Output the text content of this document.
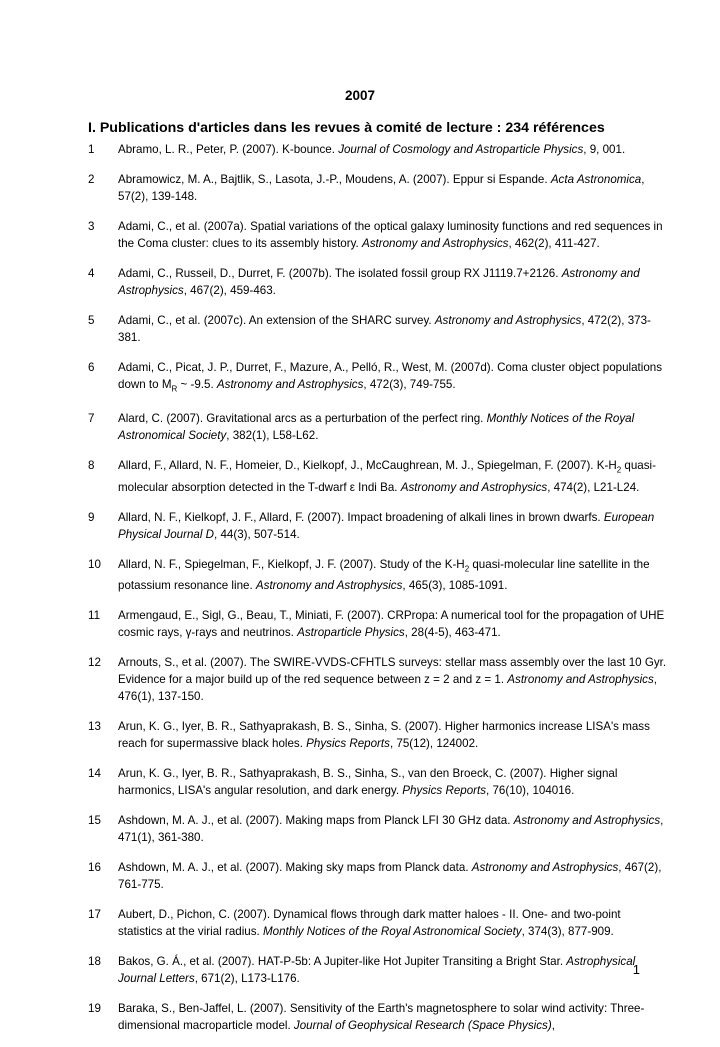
2007
I. Publications d'articles dans les revues à comité de lecture : 234 références
1 Abramo, L. R., Peter, P. (2007). K-bounce. Journal of Cosmology and Astroparticle Physics, 9, 001.
2 Abramowicz, M. A., Bajtlik, S., Lasota, J.-P., Moudens, A. (2007). Eppur si Espande. Acta Astronomica, 57(2), 139-148.
3 Adami, C., et al. (2007a). Spatial variations of the optical galaxy luminosity functions and red sequences in the Coma cluster: clues to its assembly history. Astronomy and Astrophysics, 462(2), 411-427.
4 Adami, C., Russeil, D., Durret, F. (2007b). The isolated fossil group RX J1119.7+2126. Astronomy and Astrophysics, 467(2), 459-463.
5 Adami, C., et al. (2007c). An extension of the SHARC survey. Astronomy and Astrophysics, 472(2), 373-381.
6 Adami, C., Picat, J. P., Durret, F., Mazure, A., Pelló, R., West, M. (2007d). Coma cluster object populations down to $M_R$ ~ -9.5. Astronomy and Astrophysics, 472(3), 749-755.
7 Alard, C. (2007). Gravitational arcs as a perturbation of the perfect ring. Monthly Notices of the Royal Astronomical Society, 382(1), L58-L62.
8 Allard, F., Allard, N. F., Homeier, D., Kielkopf, J., McCaughrean, M. J., Spiegelman, F. (2007). $K-H_2$ quasi-molecular absorption detected in the T-dwarf ε Indi Ba. Astronomy and Astrophysics, 474(2), L21-L24.
9 Allard, N. F., Kielkopf, J. F., Allard, F. (2007). Impact broadening of alkali lines in brown dwarfs. European Physical Journal D, 44(3), 507-514.
10 Allard, N. F., Spiegelman, F., Kielkopf, J. F. (2007). Study of the $K-H_2$ quasi-molecular line satellite in the potassium resonance line. Astronomy and Astrophysics, 465(3), 1085-1091.
11 Armengaud, E., Sigl, G., Beau, T., Miniati, F. (2007). CRPropa: A numerical tool for the propagation of UHE cosmic rays, γ-rays and neutrinos. Astroparticle Physics, 28(4-5), 463-471.
12 Arnouts, S., et al. (2007). The SWIRE-VVDS-CFHTLS surveys: stellar mass assembly over the last 10 Gyr. Evidence for a major build up of the red sequence between z = 2 and z = 1. Astronomy and Astrophysics, 476(1), 137-150.
13 Arun, K. G., Iyer, B. R., Sathyaprakash, B. S., Sinha, S. (2007). Higher harmonics increase LISA's mass reach for supermassive black holes. Physics Reports, 75(12), 124002.
14 Arun, K. G., Iyer, B. R., Sathyaprakash, B. S., Sinha, S., van den Broeck, C. (2007). Higher signal harmonics, LISA's angular resolution, and dark energy. Physics Reports, 76(10), 104016.
15 Ashdown, M. A. J., et al. (2007). Making maps from Planck LFI 30 GHz data. Astronomy and Astrophysics, 471(1), 361-380.
16 Ashdown, M. A. J., et al. (2007). Making sky maps from Planck data. Astronomy and Astrophysics, 467(2), 761-775.
17 Aubert, D., Pichon, C. (2007). Dynamical flows through dark matter haloes - II. One- and two-point statistics at the virial radius. Monthly Notices of the Royal Astronomical Society, 374(3), 877-909.
18 Bakos, G. Á., et al. (2007). HAT-P-5b: A Jupiter-like Hot Jupiter Transiting a Bright Star. Astrophysical Journal Letters, 671(2), L173-L176.
19 Baraka, S., Ben-Jaffel, L. (2007). Sensitivity of the Earth's magnetosphere to solar wind activity: Three-dimensional macroparticle model. Journal of Geophysical Research (Space Physics),
1
